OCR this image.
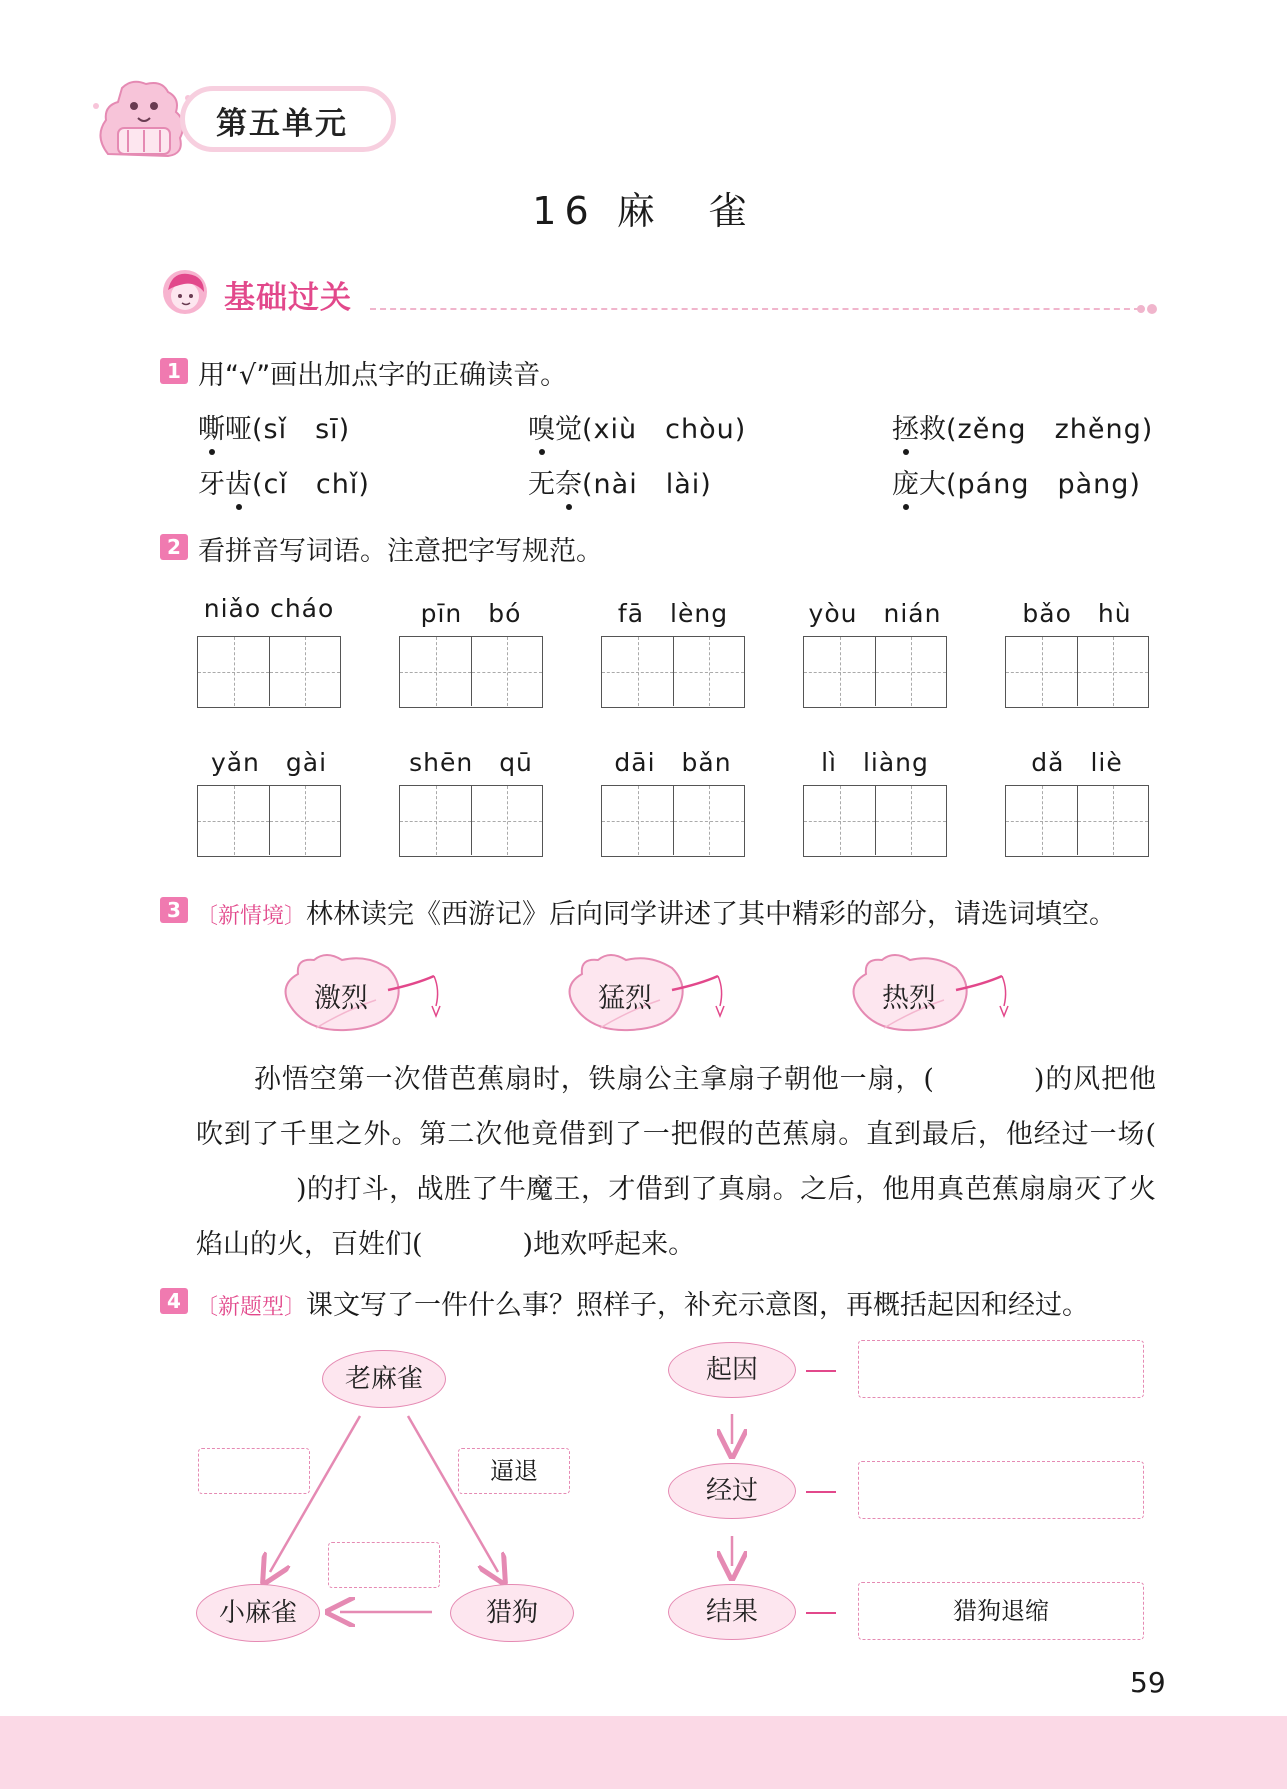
第五单元
16 麻　雀
基础过关
1 用“√”画出加点字的正确读音。
嘶哑(sǐ　sī)	嗅觉(xiù　chòu)	拯救(zěng　zhěng)
牙齿(cǐ　chǐ)	无奈(nài　lài)	庞大(páng　pàng)
2 看拼音写词语。注意把字写规范。
niǎo cháo	pīn　bó	fā　lèng	yòu　nián	bǎo　hù
yǎn　gài	shēn　qū	dāi　bǎn	lì　liàng	dǎ　liè
3 〔新情境〕林林读完《西游记》后向同学讲述了其中精彩的部分，请选词填空。
激烈	猛烈	热烈

孙悟空第一次借芭蕉扇时，铁扇公主拿扇子朝他一扇，(	)的风把他吹到了千里之外。第二次他竟借到了一把假的芭蕉扇。直到最后，他经过一场()的打斗，战胜了牛魔王，才借到了真扇。之后，他用真芭蕉扇扇灭了火焰山的火，百姓们(	)地欢呼起来。

4 〔新题型〕课文写了一件什么事？照样子，补充示意图，再概括起因和经过。
老麻雀
小麻雀	猎狗
逼退
起因
经过
结果	猎狗退缩
59
